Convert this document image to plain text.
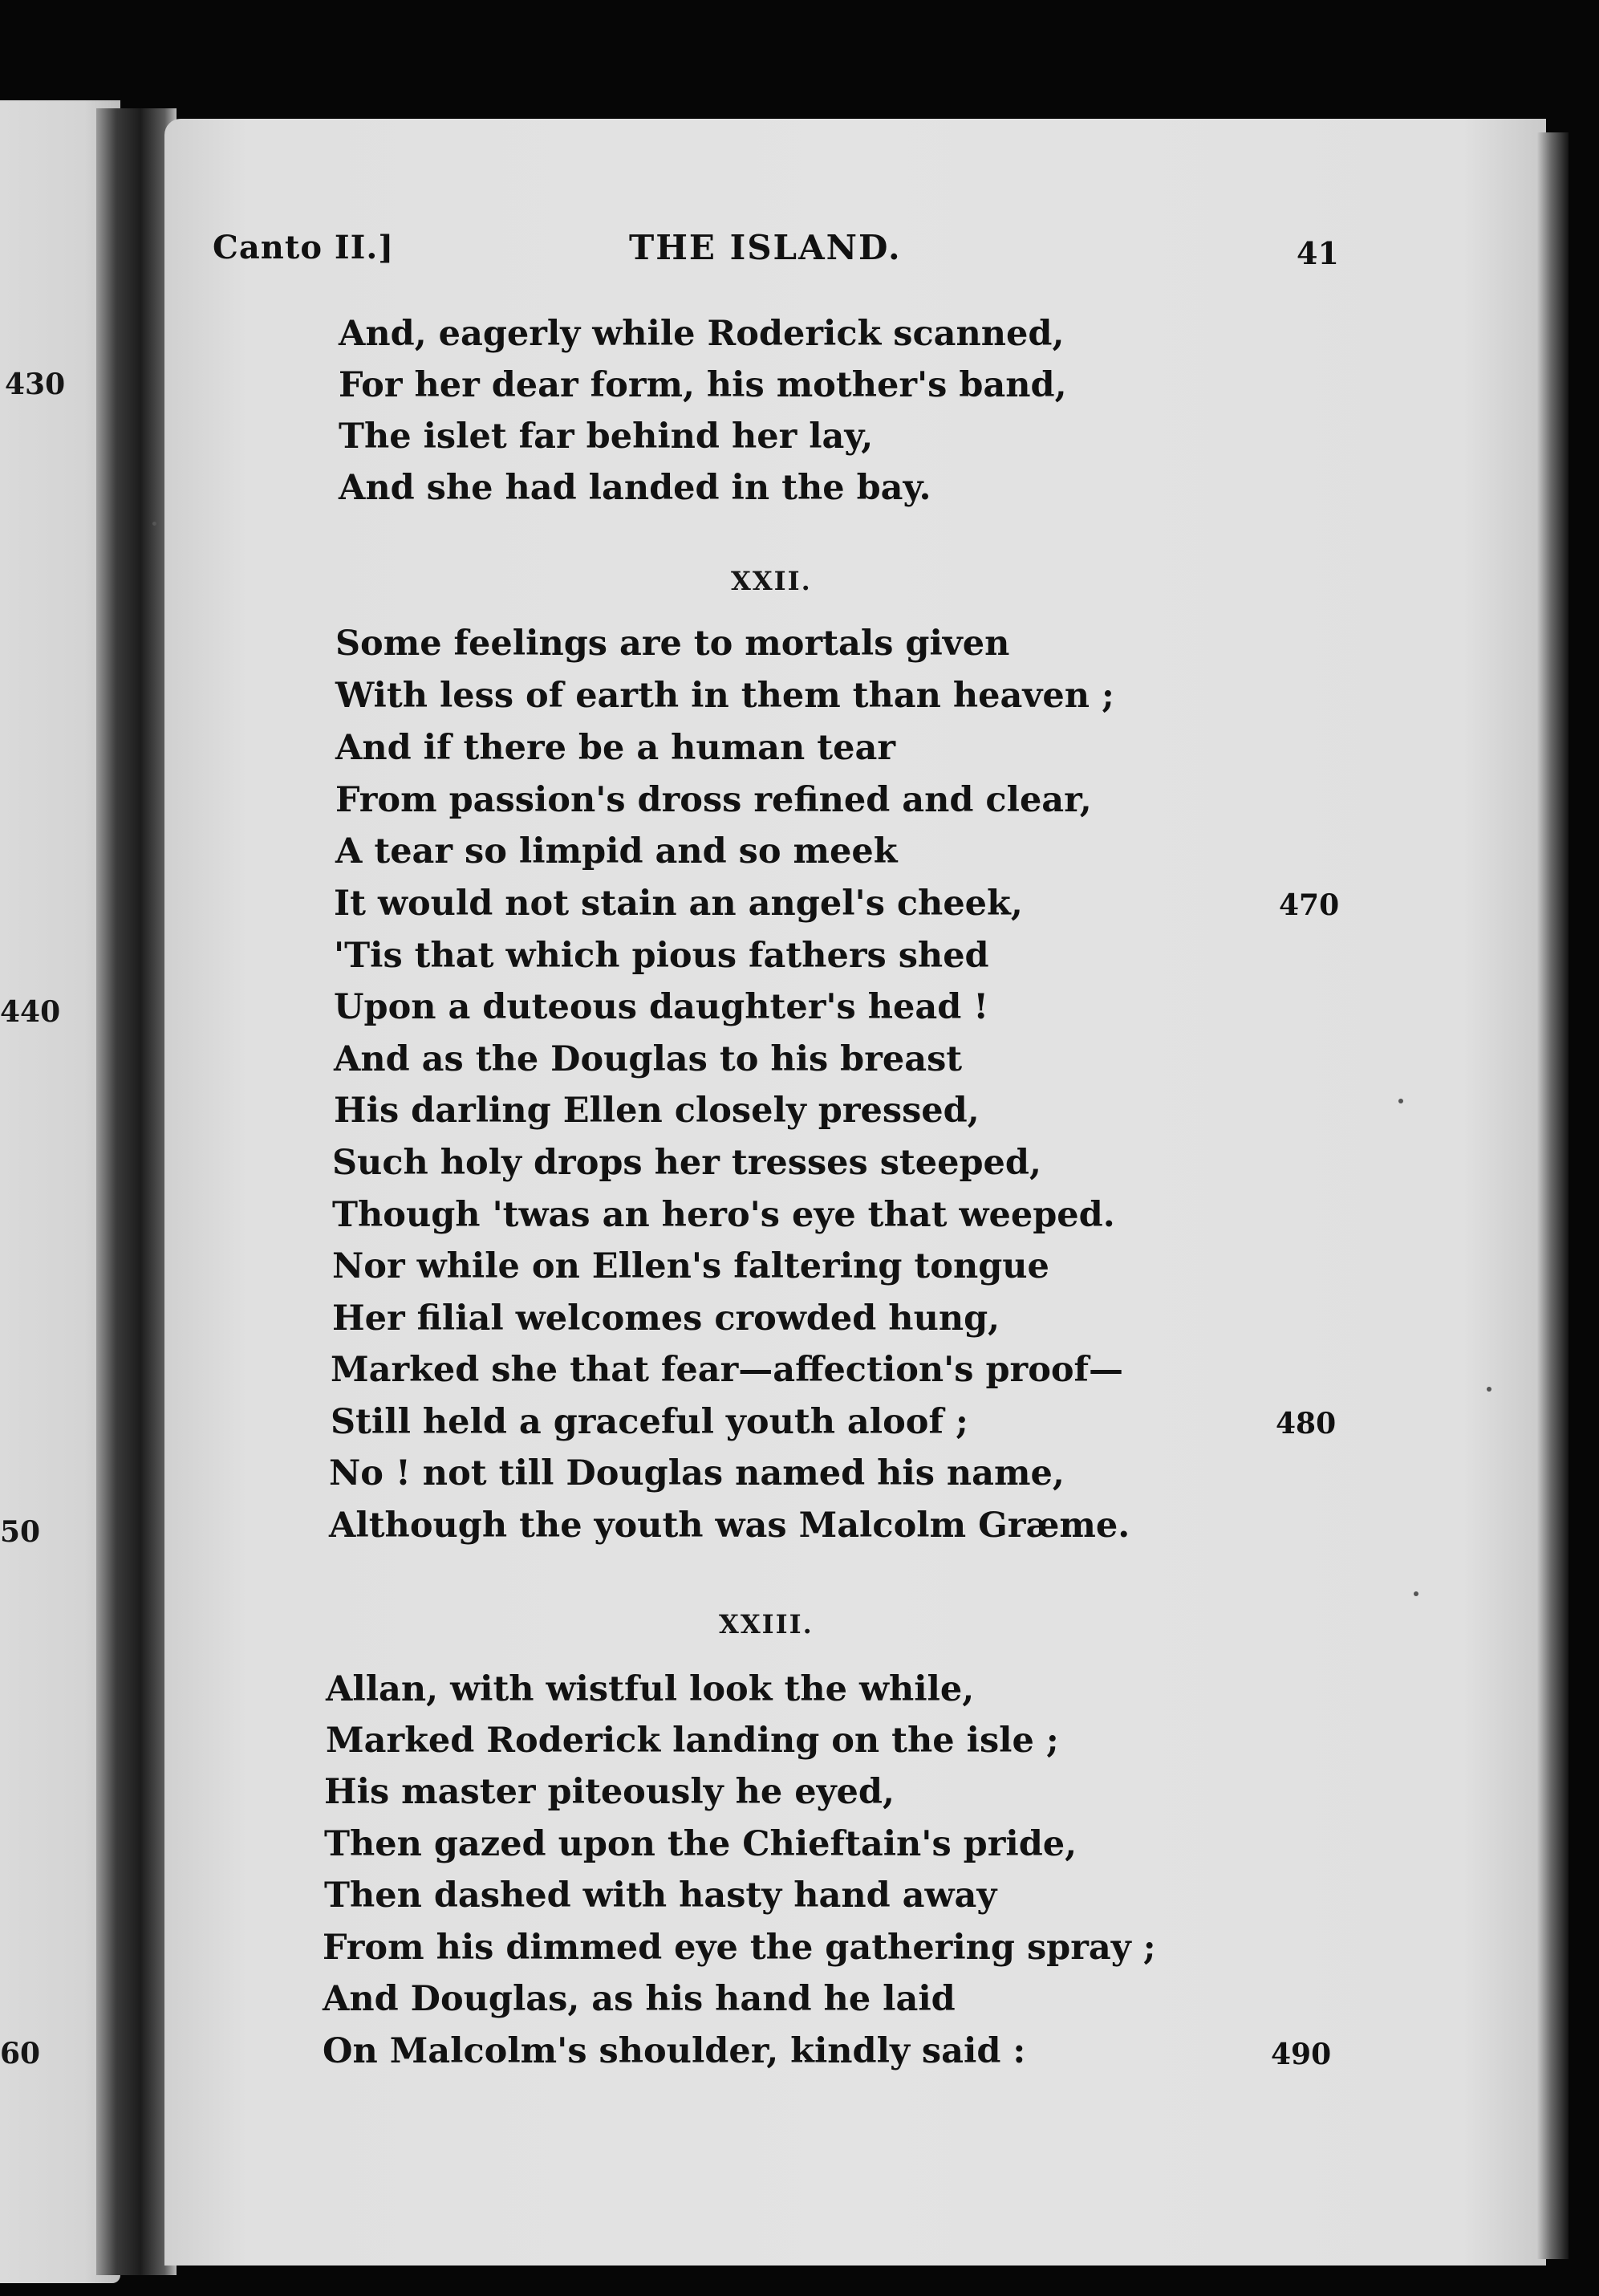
430

440

50

60

Canto II.]	THE ISLAND.	41

And, eagerly while Roderick scanned,

For her dear form, his mother's band,

The islet far behind her lay,

And she had landed in the bay.

XXII.

Some feelings are to mortals given

With less of earth in them than heaven ;

And if there be a human tear

From passion's dross refined and clear,

A tear so limpid and so meek

It would not stain an angel's cheek,

'Tis that which pious fathers shed

Upon a duteous daughter's head !

And as the Douglas to his breast

His darling Ellen closely pressed,

Such holy drops her tresses steeped,

Though 'twas an hero's eye that weeped.

Nor while on Ellen's faltering tongue

Her filial welcomes crowded hung,

Marked she that fear—affection's proof—

Still held a graceful youth aloof ;

No ! not till Douglas named his name,

Although the youth was Malcolm Græme.

XXIII.

Allan, with wistful look the while,

Marked Roderick landing on the isle ;

His master piteously he eyed,

Then gazed upon the Chieftain's pride,

Then dashed with hasty hand away

From his dimmed eye the gathering spray ;

And Douglas, as his hand he laid

On Malcolm's shoulder, kindly said :

470

480

490
